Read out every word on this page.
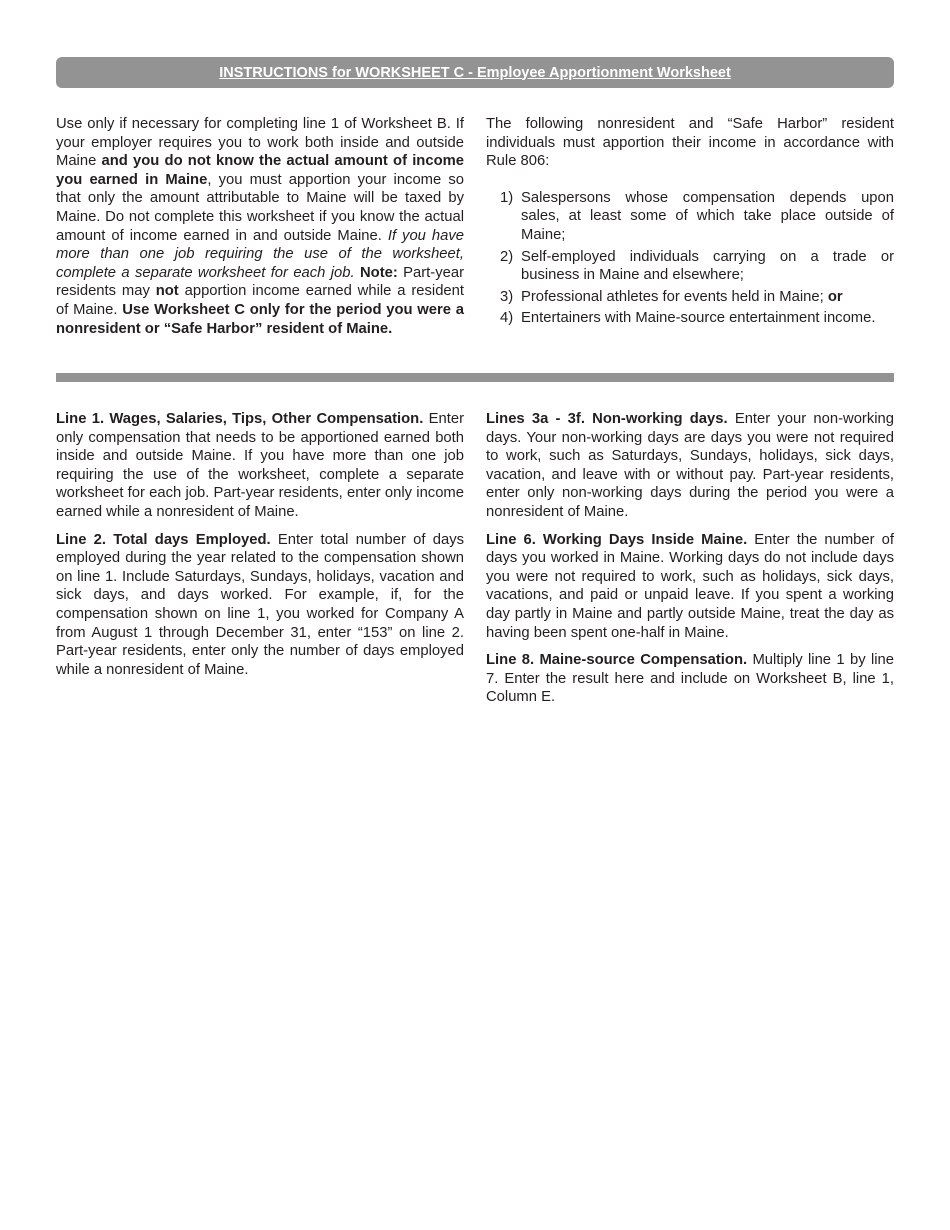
INSTRUCTIONS for WORKSHEET C - Employee Apportionment Worksheet

Use only if necessary for completing line 1 of Worksheet B. If your employer requires you to work both inside and outside Maine and you do not know the actual amount of income you earned in Maine, you must apportion your income so that only the amount attributable to Maine will be taxed by Maine. Do not complete this worksheet if you know the actual amount of income earned in and outside Maine. If you have more than one job requiring the use of the worksheet, complete a separate worksheet for each job. Note: Part-year residents may not apportion income earned while a resident of Maine. Use Worksheet C only for the period you were a nonresident or “Safe Harbor” resident of Maine.

The following nonresident and “Safe Harbor” resident individuals must apportion their income in accordance with Rule 806:

1) Salespersons whose compensation depends upon sales, at least some of which take place outside of Maine;
2) Self-employed individuals carrying on a trade or business in Maine and elsewhere;
3) Professional athletes for events held in Maine; or
4) Entertainers with Maine-source entertainment income.

Line 1. Wages, Salaries, Tips, Other Compensation. Enter only compensation that needs to be apportioned earned both inside and outside Maine. If you have more than one job requiring the use of the worksheet, complete a separate worksheet for each job. Part-year residents, enter only income earned while a nonresident of Maine.

Line 2. Total days Employed. Enter total number of days employed during the year related to the compensation shown on line 1. Include Saturdays, Sundays, holidays, vacation and sick days, and days worked. For example, if, for the compensation shown on line 1, you worked for Company A from August 1 through December 31, enter “153” on line 2. Part-year residents, enter only the number of days employed while a nonresident of Maine.

Lines 3a - 3f. Non-working days. Enter your non-working days. Your non-working days are days you were not required to work, such as Saturdays, Sundays, holidays, sick days, vacation, and leave with or without pay. Part-year residents, enter only non-working days during the period you were a nonresident of Maine.

Line 6. Working Days Inside Maine. Enter the number of days you worked in Maine. Working days do not include days you were not required to work, such as holidays, sick days, vacations, and paid or unpaid leave. If you spent a working day partly in Maine and partly outside Maine, treat the day as having been spent one-half in Maine.

Line 8. Maine-source Compensation. Multiply line 1 by line 7. Enter the result here and include on Worksheet B, line 1, Column E.
